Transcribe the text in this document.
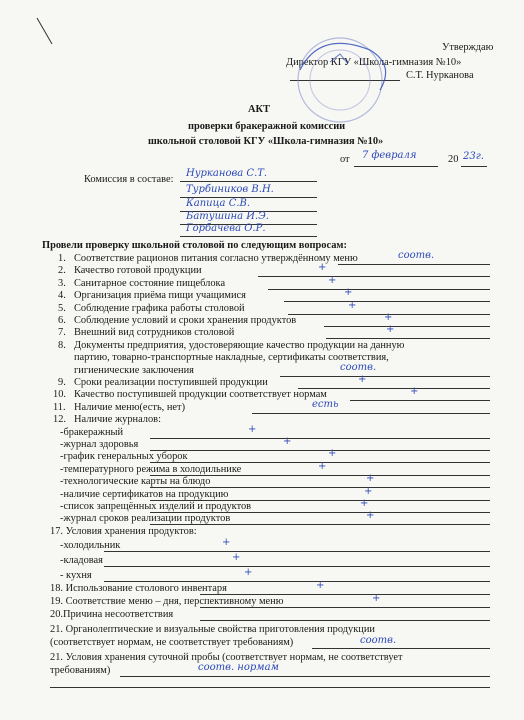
Утверждаю
Директор КГУ «Школа-гимназия №10»
С.Т. Нурканова
АКТ
проверки бракеражной комиссии
школьной столовой КГУ «Школа-гимназия №10»
от 7 февраля	20 23г.
Комиссия в составе:
Нурканова С.Т.
Турбиников В.Н.
Капица С.В.
Батушина И.Э.
Горбачева О.Р.
Провели проверку школьной столовой по следующим вопросам:
1. Соответствие рационов питания согласно утверждённому меню	соотв.
2. Качество готовой продукции	+
3. Санитарное состояние пищеблока	+
4. Организация приёма пищи учащимися	+
5. Соблюдение графика работы столовой	+
6. Соблюдение условий и сроки хранения продуктов	+
7. Внешний вид сотрудников столовой	+
8. Документы предприятия, удостоверяющие качество продукции на данную
партию, товарно-транспортные накладные, сертификаты соответствия,
гигиенические заключения	соотв.
9. Сроки реализации поступившей продукции	+
10. Качество поступившей продукции соответствует нормам	+
11. Наличие меню(есть, нет)	есть
12. Наличие журналов:
-бракеражный	+
-журнал здоровья	+
-график генеральных уборок	+
-температурного режима в холодильнике	+
-технологические карты на блюдо	+
-наличие сертификатов на продукцию	+
-список запрещённых изделий и продуктов	+
-журнал сроков реализации продуктов	+
17. Условия хранения продуктов:
-холодильник	+
-кладовая	+
- кухня	+
18. Использование столового инвентаря	+
19. Соответствие меню – дня, перспективному меню	+
20.Причина несоответствия
21. Органолептические и визуальные свойства приготовления продукции
(соответствует нормам, не соответствует требованиям)	соотв.
21. Условия хранения суточной пробы (соответствует нормам, не соответствует
требованиям)	соотв. нормам
